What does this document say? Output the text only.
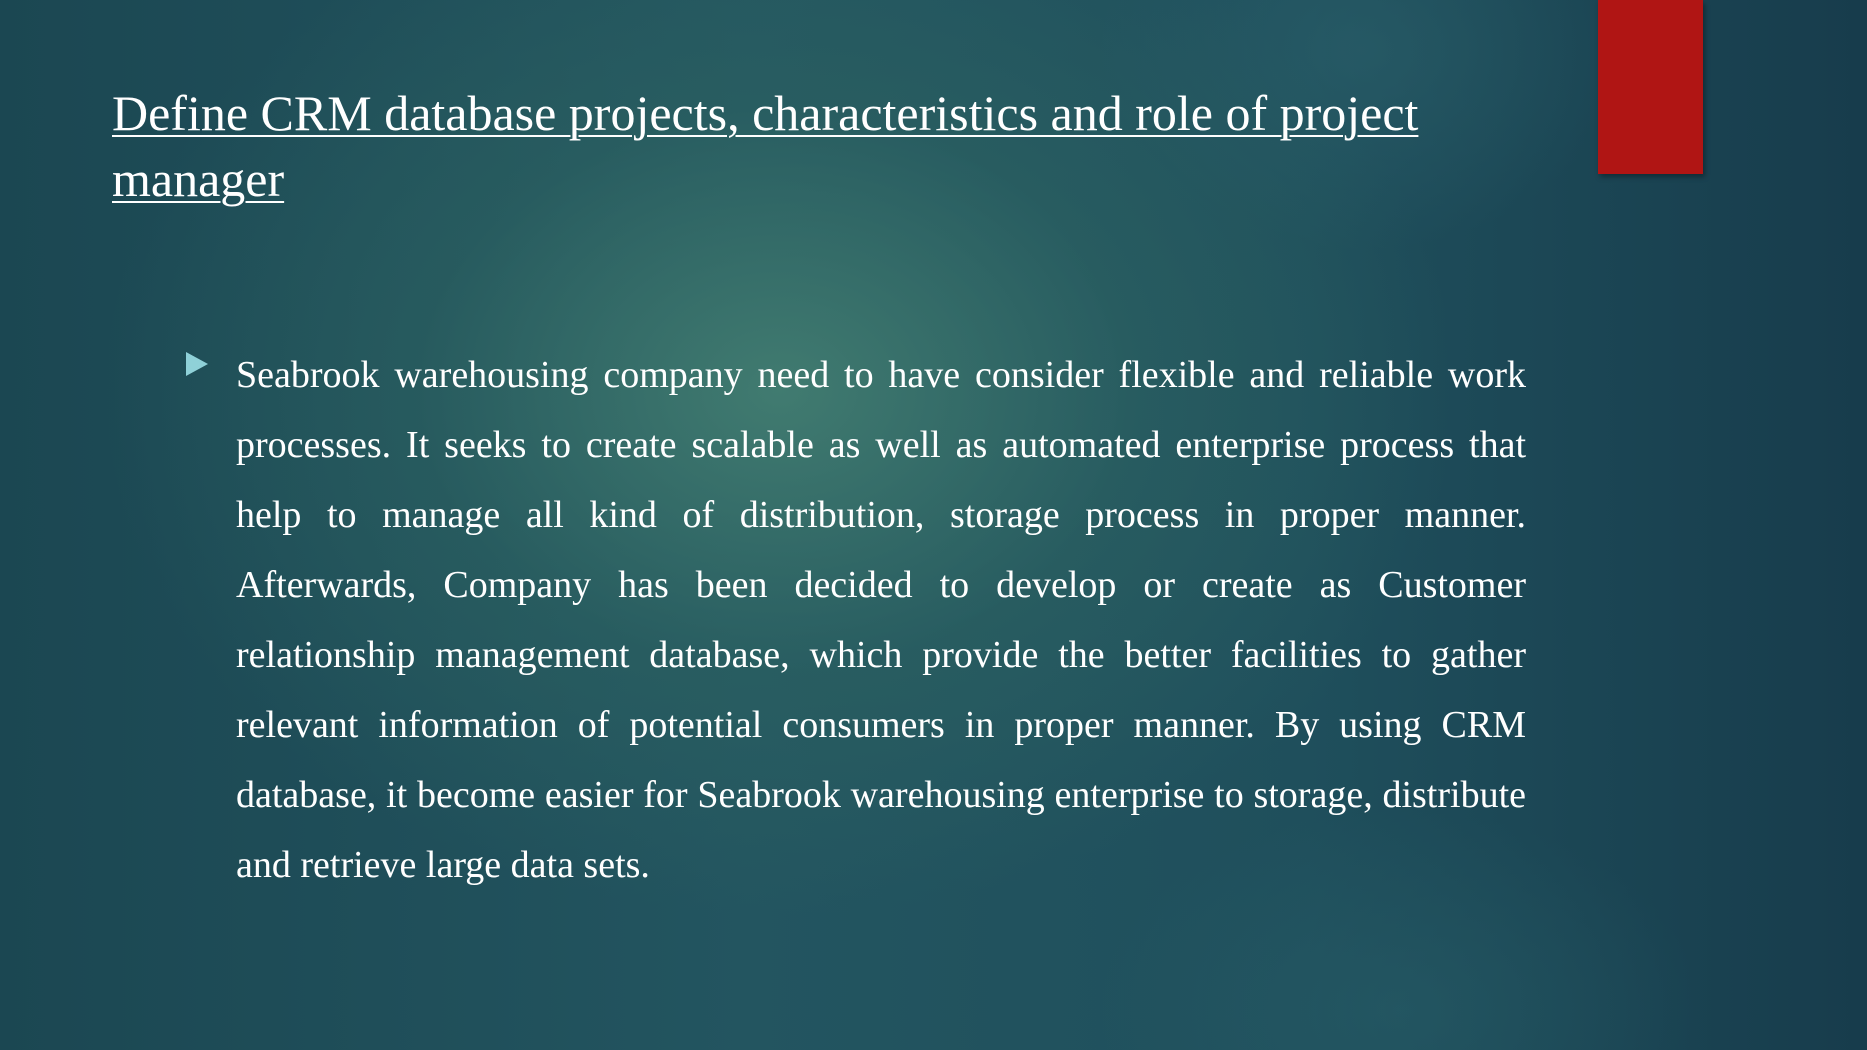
Define CRM database projects, characteristics and role of project manager

Seabrook warehousing company need to have consider flexible and reliable work processes. It seeks to create scalable as well as automated enterprise process that help to manage all kind of distribution, storage process in proper manner. Afterwards, Company has been decided to develop or create as Customer relationship management database, which provide the better facilities to gather relevant information of potential consumers in proper manner. By using CRM database, it become easier for Seabrook warehousing enterprise to storage, distribute and retrieve large data sets.
